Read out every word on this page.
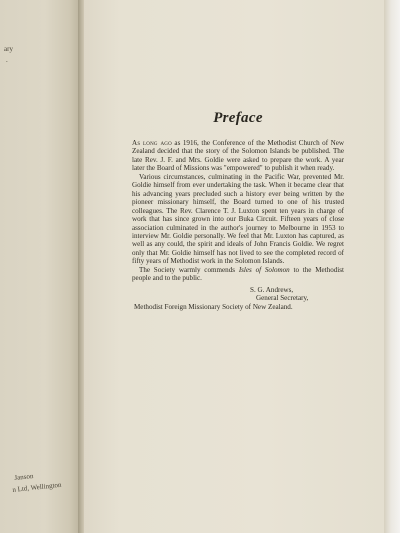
ary
.
Janson
n Ltd, Wellington
Preface

As long ago as 1916, the Conference of the Methodist Church of New Zealand decided that the story of the Solomon Islands be published. The late Rev. J. F. and Mrs. Goldie were asked to prepare the work. A year later the Board of Missions was "empowered" to publish it when ready.

Various circumstances, culminating in the Pacific War, prevented Mr. Goldie himself from ever undertaking the task. When it became clear that his advancing years precluded such a history ever being written by the pioneer missionary himself, the Board turned to one of his trusted colleagues. The Rev. Clarence T. J. Luxton spent ten years in charge of work that has since grown into our Buka Circuit. Fifteen years of close association culminated in the author's journey to Melbourne in 1953 to interview Mr. Goldie personally. We feel that Mr. Luxton has captured, as well as any could, the spirit and ideals of John Francis Goldie. We regret only that Mr. Goldie himself has not lived to see the completed record of fifty years of Methodist work in the Solomon Islands.

The Society warmly commends Isles of Solomon to the Methodist people and to the public.

S. G. Andrews,
General Secretary,
Methodist Foreign Missionary Society of New Zealand.
